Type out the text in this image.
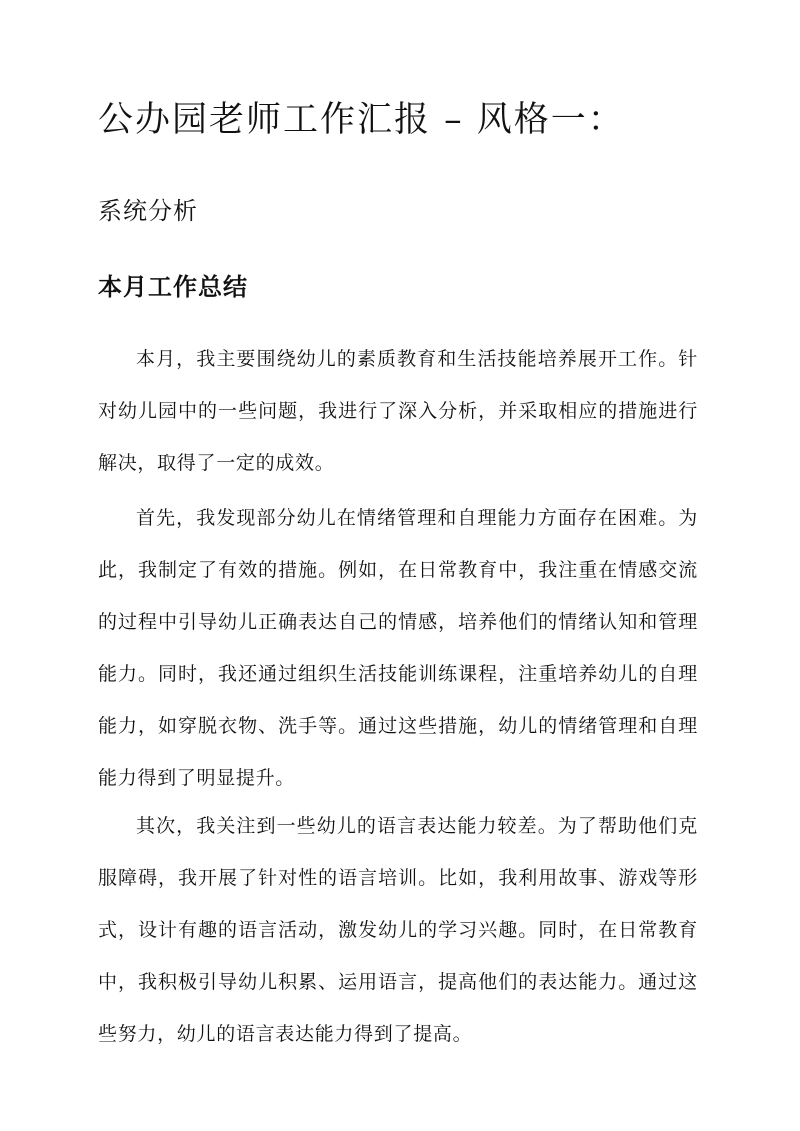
公办园老师工作汇报 – 风格一：
系统分析
本月工作总结

本月，我主要围绕幼儿的素质教育和生活技能培养展开工作。针对幼儿园中的一些问题，我进行了深入分析，并采取相应的措施进行解决，取得了一定的成效。

首先，我发现部分幼儿在情绪管理和自理能力方面存在困难。为此，我制定了有效的措施。例如，在日常教育中，我注重在情感交流的过程中引导幼儿正确表达自己的情感，培养他们的情绪认知和管理能力。同时，我还通过组织生活技能训练课程，注重培养幼儿的自理能力，如穿脱衣物、洗手等。通过这些措施，幼儿的情绪管理和自理能力得到了明显提升。

其次，我关注到一些幼儿的语言表达能力较差。为了帮助他们克服障碍，我开展了针对性的语言培训。比如，我利用故事、游戏等形式，设计有趣的语言活动，激发幼儿的学习兴趣。同时，在日常教育中，我积极引导幼儿积累、运用语言，提高他们的表达能力。通过这些努力，幼儿的语言表达能力得到了提高。
